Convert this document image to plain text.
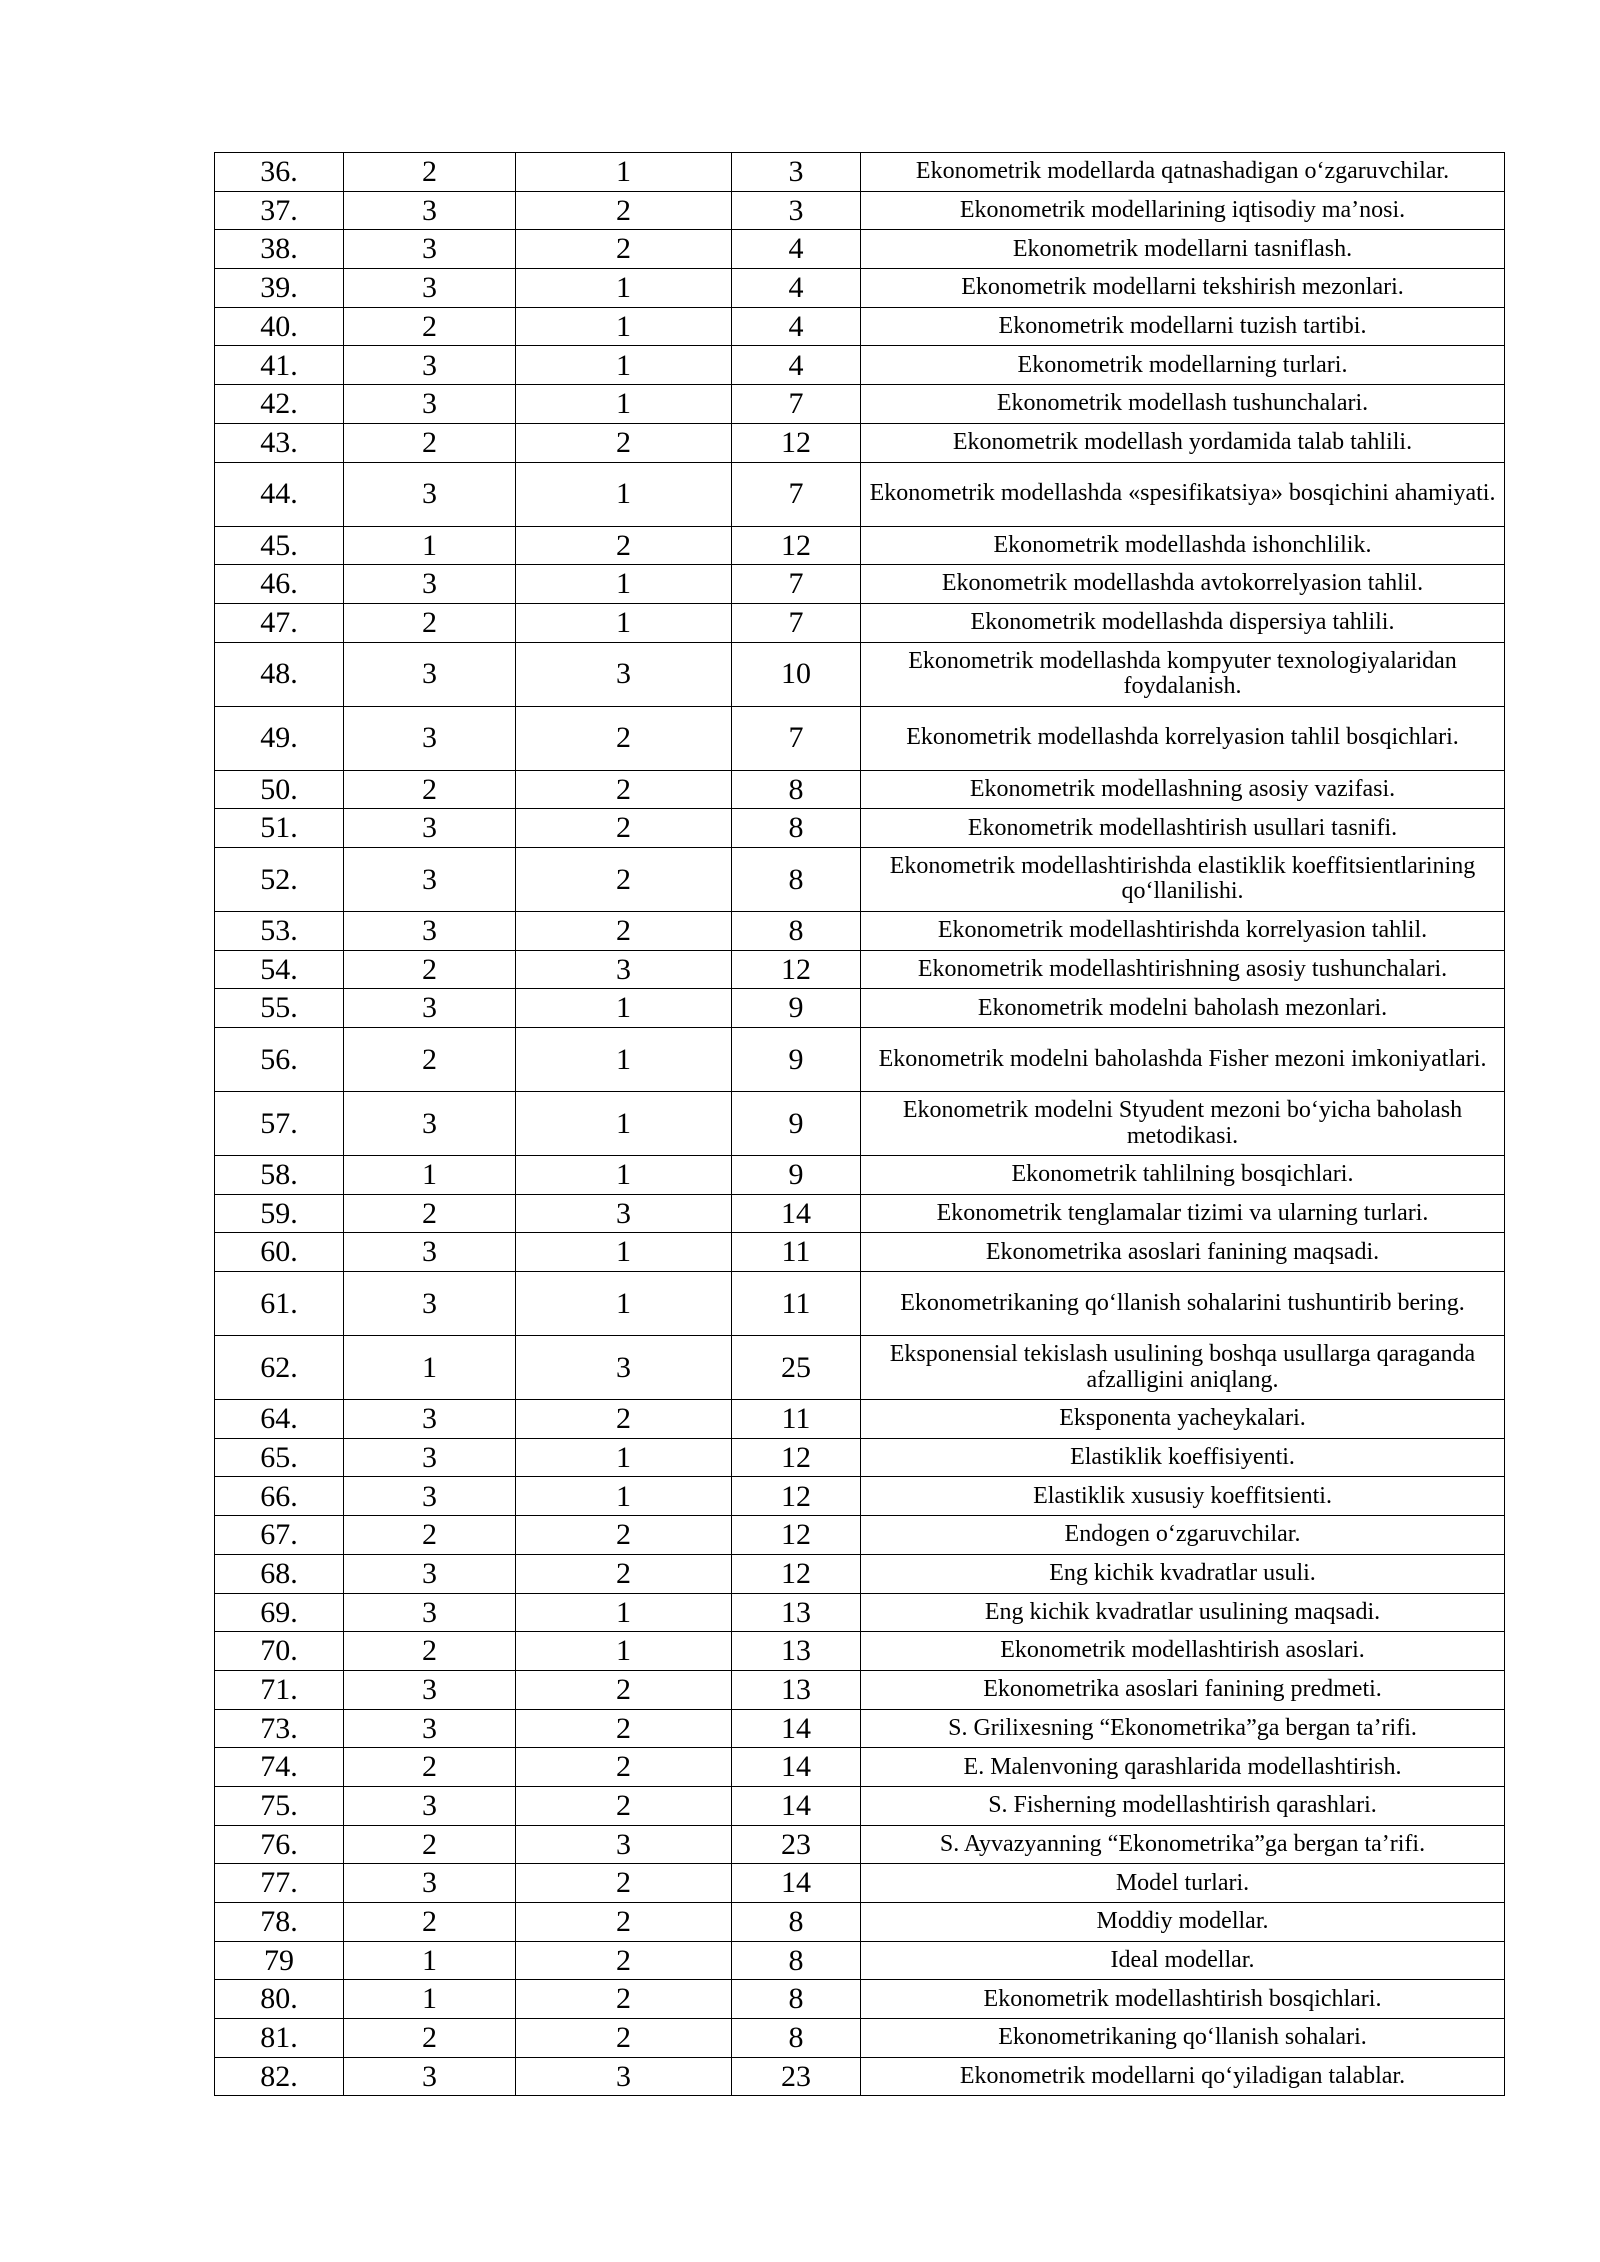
36.	2	1	3	Ekonometrik modellarda qatnashadigan o‘zgaruvchilar.
37.	3	2	3	Ekonometrik modellarining iqtisodiy ma’nosi.
38.	3	2	4	Ekonometrik modellarni tasniflash.
39.	3	1	4	Ekonometrik modellarni tekshirish mezonlari.
40.	2	1	4	Ekonometrik modellarni tuzish tartibi.
41.	3	1	4	Ekonometrik modellarning turlari.
42.	3	1	7	Ekonometrik modellash tushunchalari.
43.	2	2	12	Ekonometrik modellash yordamida talab tahlili.
44.	3	1	7	Ekonometrik modellashda «spesifikatsiya» bosqichini ahamiyati.
45.	1	2	12	Ekonometrik modellashda ishonchlilik.
46.	3	1	7	Ekonometrik modellashda avtokorrelyasion tahlil.
47.	2	1	7	Ekonometrik modellashda dispersiya tahlili.
48.	3	3	10	Ekonometrik modellashda kompyuter texnologiyalaridan foydalanish.
49.	3	2	7	Ekonometrik modellashda korrelyasion tahlil bosqichlari.
50.	2	2	8	Ekonometrik modellashning asosiy vazifasi.
51.	3	2	8	Ekonometrik modellashtirish usullari tasnifi.
52.	3	2	8	Ekonometrik modellashtirishda elastiklik koeffitsientlarining qo‘llanilishi.
53.	3	2	8	Ekonometrik modellashtirishda korrelyasion tahlil.
54.	2	3	12	Ekonometrik modellashtirishning asosiy tushunchalari.
55.	3	1	9	Ekonometrik modelni baholash mezonlari.
56.	2	1	9	Ekonometrik modelni baholashda Fisher mezoni imkoniyatlari.
57.	3	1	9	Ekonometrik modelni Styudent mezoni bo‘yicha baholash metodikasi.
58.	1	1	9	Ekonometrik tahlilning bosqichlari.
59.	2	3	14	Ekonometrik tenglamalar tizimi va ularning turlari.
60.	3	1	11	Ekonometrika asoslari fanining maqsadi.
61.	3	1	11	Ekonometrikaning qo‘llanish sohalarini tushuntirib bering.
62.	1	3	25	Eksponensial tekislash usulining boshqa usullarga qaraganda afzalligini aniqlang.
64.	3	2	11	Eksponenta yacheykalari.
65.	3	1	12	Elastiklik koeffisiyenti.
66.	3	1	12	Elastiklik xususiy koeffitsienti.
67.	2	2	12	Endogen o‘zgaruvchilar.
68.	3	2	12	Eng kichik kvadratlar usuli.
69.	3	1	13	Eng kichik kvadratlar usulining maqsadi.
70.	2	1	13	Ekonometrik modellashtirish asoslari.
71.	3	2	13	Ekonometrika asoslari fanining predmeti.
73.	3	2	14	S. Grilixesning “Ekonometrika”ga bergan ta’rifi.
74.	2	2	14	E. Malenvoning qarashlarida modellashtirish.
75.	3	2	14	S. Fisherning modellashtirish qarashlari.
76.	2	3	23	S. Ayvazyanning “Ekonometrika”ga bergan ta’rifi.
77.	3	2	14	Model turlari.
78.	2	2	8	Moddiy modellar.
79	1	2	8	Ideal modellar.
80.	1	2	8	Ekonometrik modellashtirish bosqichlari.
81.	2	2	8	Ekonometrikaning qo‘llanish sohalari.
82.	3	3	23	Ekonometrik modellarni qo‘yiladigan talablar.
